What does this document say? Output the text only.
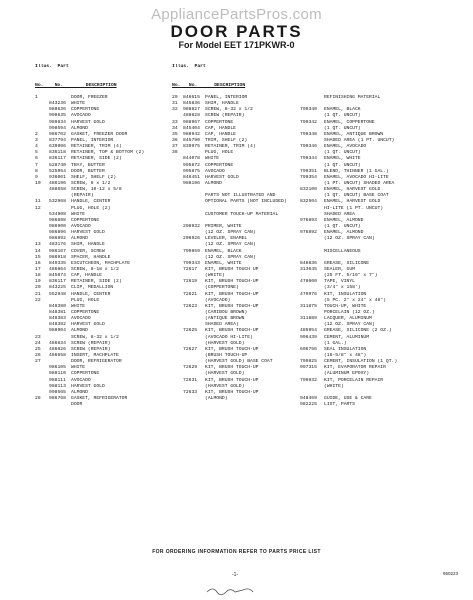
AppliancePartsPros.com
DOOR PARTS
For Model EET 171PKWR-0

Illus.  Part

No.    No.        DESCRIPTION

1	DOOR, FREEZER
843236 WHITE
988636 COPPERTONE
998635 AVOCADO
989634 HARVEST GOLD
998594 ALMOND
2 986702 GASKET, FREEZER DOOR
3 837794 PANEL, INTERIOR
4 639906 RETAINER, TRIM (4)
5 836118 RETAINER, TOP & BOTTOM (2)
6 836117 RETAINER, SIDE (2)
7 528740 TRAY, BUTTER
8 525064 DOOR, BUTTER
9 936001 SHELF, SHELF (2)
10 486196 SCREW, 8 x 1/2
488658 SCREW, 10-12 x 5/8
(REPAIR)
11 532968 HANDLE, CENTER
12	PLUG, HOLE (2)
534908 WHITE
986898 COPPERTONE
986900 AVOCADO
986896 HARVEST GOLD
986892 ALMOND
13 483176 SHIM, HANDLE
14 986167 COVER, SCREW
15 986918 SPACER, HANDLE
16 849335 ESCUTCHEON, MACHPLATE
17 486864 SCREW, 8-18 x 1/2
18 845874 CAP, HANDLE
19 836117 RETAINER, SIDE (2)
20 843225 CLIP, MEDALLION
21 552948 HANDLE, CENTER
22	PLUG, HOLE
848380 WHITE
848381 COPPERTONE
848383 AVOCADO
848382 HARVEST GOLD
988904 ALMOND
23	SCREW, 8-32 x 1/2
24 486834 SCREW (REPAIR)
25 486626 SCREW (REPAIR)
26 486658 INSERT, MACHPLATE
27	DOOR, REFRIGERATOR
986105 WHITE
988110 COPPERTONE
988111 AVOCADO
988113 HARVEST GOLD
998565 ALMOND
28 986768 GASKET, REFRIGERATOR
DOOR

Illus.  Part

No.   No.      DESCRIPTION

29 846615 PANEL, INTERIOR
31 845836 SHIM, HANDLE
32 988827 SCREW, 8-32 x 1/2
488828 SCREW (REPAIR)
33 988967 COPPERTONE
34 845404 CAP, HANDLE
35 988942 CAP, HANDLE
36 845790 TRIM, SHELF (2)
37 839975 RETAINER, TRIM (4)
38	PLUG, HOLE
844078 WHITE
995872 COPPERTONE
995875 AVOCADO
846451 HARVEST GOLD
988196 ALMOND
PARTS NOT ILLUSTRATED AND
OPTIONAL PARTS (NOT INCLUDED)
CUSTOMER TOUCH-UP MATERIAL
208932 PRIMER, WHITE
(12 OZ. SPRAY CAN)
206926 LEVELER, ENAMEL
(12 OZ. SPRAY CAN)
799859 ENAMEL, BLACK
(12 OZ. SPRAY CAN)
799343 ENAMEL, WHITE
72617 KIT, BRUSH TOUCH UP
(WHITE)
72619 KIT, BRUSH TOUCH-UP
(COPPERTONE)
72621 KIT, BRUSH TOUCH-UP
(AVOCADO)
72623 KIT, BRUSH TOUCH-UP
(CARIBOU BROWN)
(ANTIQUE BROWN
SHADED AREA)
72625 KIT, BRUSH TOUCH-UP
(AVOCADO HI-LITE)
(HARVEST GOLD)
72627 KIT, BRUSH TOUCH-UP
(BRUSH TOUCH-UP
(HARVEST GOLD) BASE COAT
72629 KIT, BRUSH TOUCH-UP
(HARVEST GOLD)
72631 KIT, BRUSH TOUCH-UP
(HARVEST GOLD)
72633 KIT, BRUSH TOUCH-UP
(ALMOND)

REFINISHING MATERIAL
799340 ENAMEL, BLACK
(1 QT. UNCUT)
799342 ENAMEL, COPPERTONE
(1 QT. UNCUT)
799348 ENAMEL, ANTIQUE BROWN
SHADED AREA (1 PT. UNCUT)
799346 ENAMEL, AVOCADO
(1 QT. UNCUT)
799344 ENAMEL, WHITE
(1 QT. UNCUT)
799351 BLEND, THINNER (1 GAL.)
799354 ENAMEL, AVOCADO HI-LITE
(1 PT. UNCUT) SHADED AREA
832100 ENAMEL, HARVEST GOLD
(1 QT. UNCUT) BASE COAT
832504 ENAMEL, HARVEST GOLD
HI-LITE (1 PT. UNCUT)
SHADED AREA
976893 ENAMEL, ALMOND
(1 QT. UNCUT)
976892 ENAMEL, ALMOND
(12 OZ. SPRAY CAN)
MISCELLANEOUS
848836 GREASE, SILICONE
313645 SEALER, GUM
(25 FT. 5/16" x 7")
478600 TAPE, VINYL
(3/4" x 158')
479976 KIT, INSULATION
(5 PC. 2" x 24" x 48")
311875 TOUCH-UP, WHITE
PORCELAIN (12 OZ.)
311889 LACQUER, ALUMINUM
(12 OZ. SPRAY CAN)
485954 GREASE, SILICONE (2 OZ.)
996439 CEMENT, ALUMINUM
(1 GAL.)
606756 SEAL INSULATION
(16-5/8" x 48")
799825 CEMENT, INSULATION (1 QT.)
997315 KIT, EVAPORATOR REPAIR
(ALUMINUM EPOXY)
799832 KIT, PORCELAIN REPAIR
(WHITE)
948469 GUIDE, USE & CARE
982225 LIST, PARTS
FOR ORDERING INFORMATION REFER TO PARTS PRICE LIST
-1-	950223
